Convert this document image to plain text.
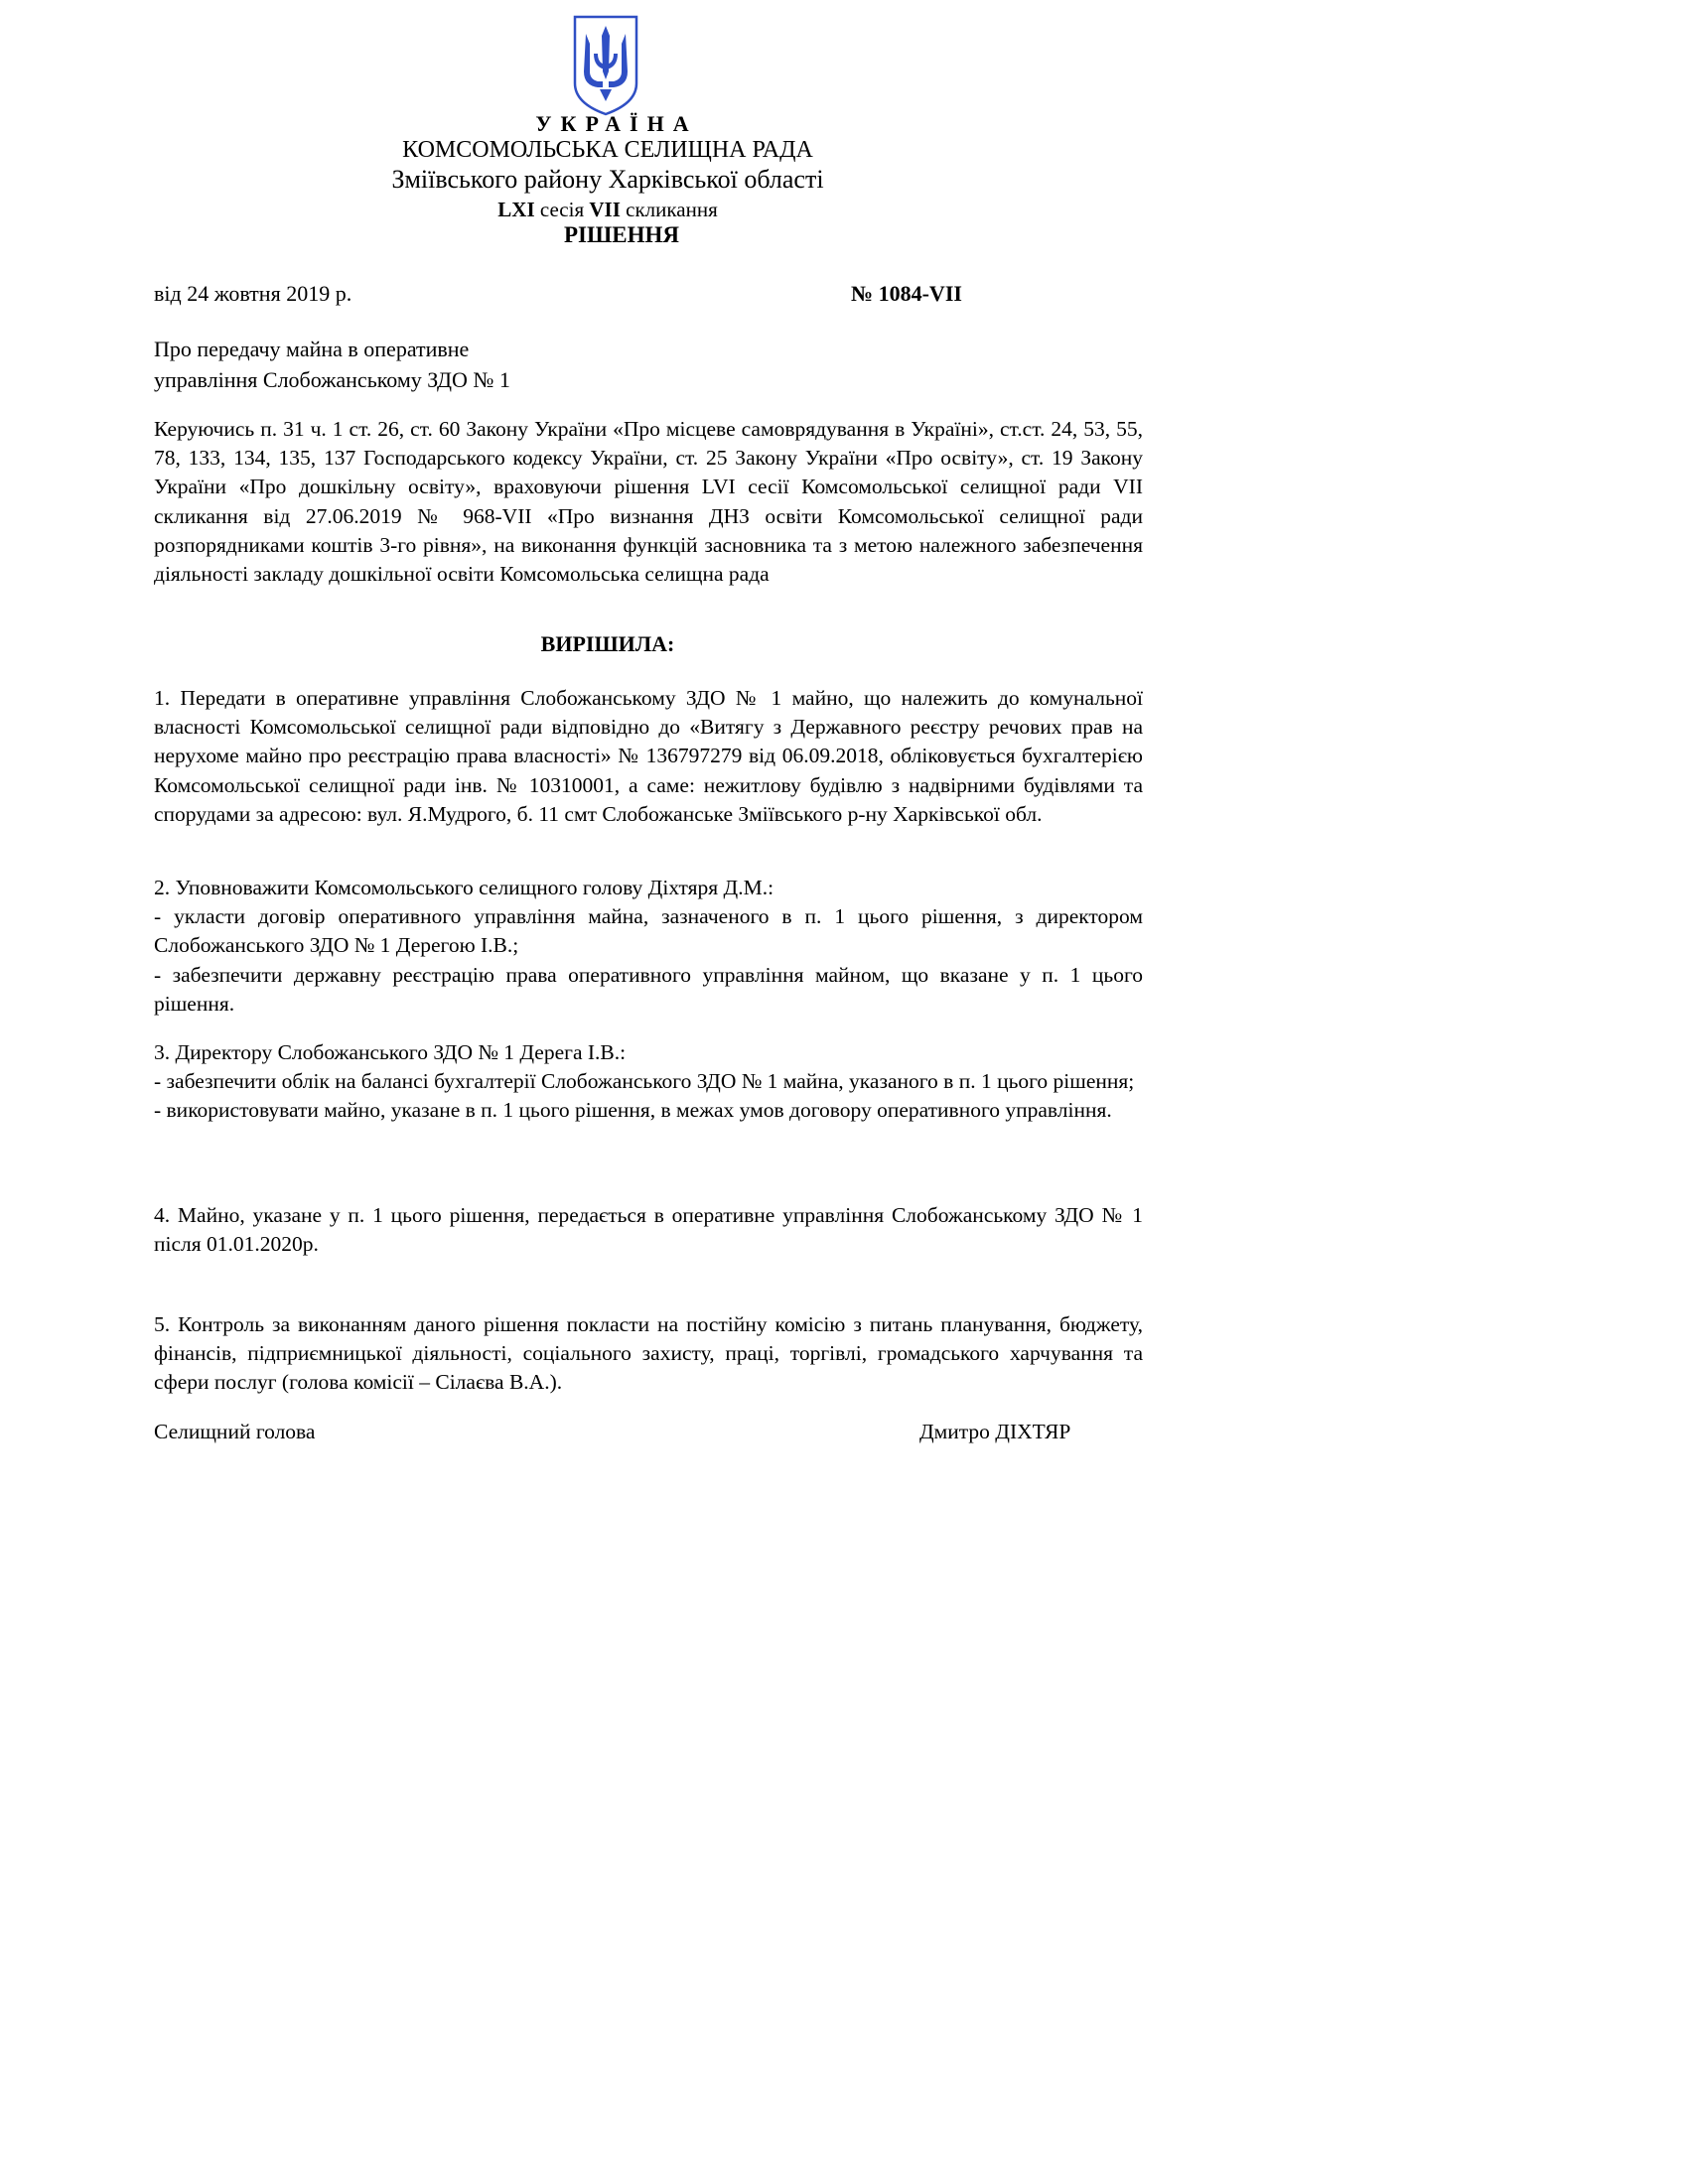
УКРАЇНА
КОМСОМОЛЬСЬКА СЕЛИЩНА РАДА
Зміївського району Харківської області
LXI сесія VII скликання
РІШЕННЯ
від 24 жовтня 2019 р.	№ 1084-VII
Про передачу майна в оперативне
управління Слобожанському ЗДО № 1
Керуючись п. 31 ч. 1 ст. 26, ст. 60 Закону України «Про місцеве самоврядування в Україні», ст.ст. 24, 53, 55, 78, 133, 134, 135, 137 Господарського кодексу України, ст. 25 Закону України «Про освіту», ст. 19 Закону України «Про дошкільну освіту», враховуючи рішення LVI сесії Комсомольської селищної ради VII скликання від 27.06.2019 № 968-VII «Про визнання ДНЗ освіти Комсомольської селищної ради розпорядниками коштів 3-го рівня», на виконання функцій засновника та з метою належного забезпечення діяльності закладу дошкільної освіти Комсомольська селищна рада
ВИРІШИЛА:

1. Передати в оперативне управління Слобожанському ЗДО № 1 майно, що належить до комунальної власності Комсомольської селищної ради відповідно до «Витягу з Державного реєстру речових прав на нерухоме майно про реєстрацію права власності» № 136797279 від 06.09.2018, обліковується бухгалтерією Комсомольської селищної ради інв. № 10310001, а саме: нежитлову будівлю з надвірними будівлями та спорудами за адресою: вул. Я.Мудрого, б. 11 смт Слобожанське Зміївського р-ну Харківської обл.

2. Уповноважити Комсомольського селищного голову Діхтяря Д.М.:

- укласти договір оперативного управління майна, зазначеного в п. 1 цього рішення, з директором Слобожанського ЗДО № 1 Дерегою І.В.;

- забезпечити державну реєстрацію права оперативного управління майном, що вказане у п. 1 цього рішення.

3. Директору Слобожанського ЗДО № 1 Дерега І.В.:

- забезпечити облік на балансі бухгалтерії Слобожанського ЗДО № 1 майна, указаного в п. 1 цього рішення;

- використовувати майно, указане в п. 1 цього рішення, в межах умов договору оперативного управління.

4. Майно, указане у п. 1 цього рішення, передається в оперативне управління Слобожанському ЗДО № 1 після 01.01.2020р.

5. Контроль за виконанням даного рішення покласти на постійну комісію з питань планування, бюджету, фінансів, підприємницької діяльності, соціального захисту, праці, торгівлі, громадського харчування та сфери послуг (голова комісії – Сілаєва В.А.).

Селищний голова	Дмитро ДІХТЯР
